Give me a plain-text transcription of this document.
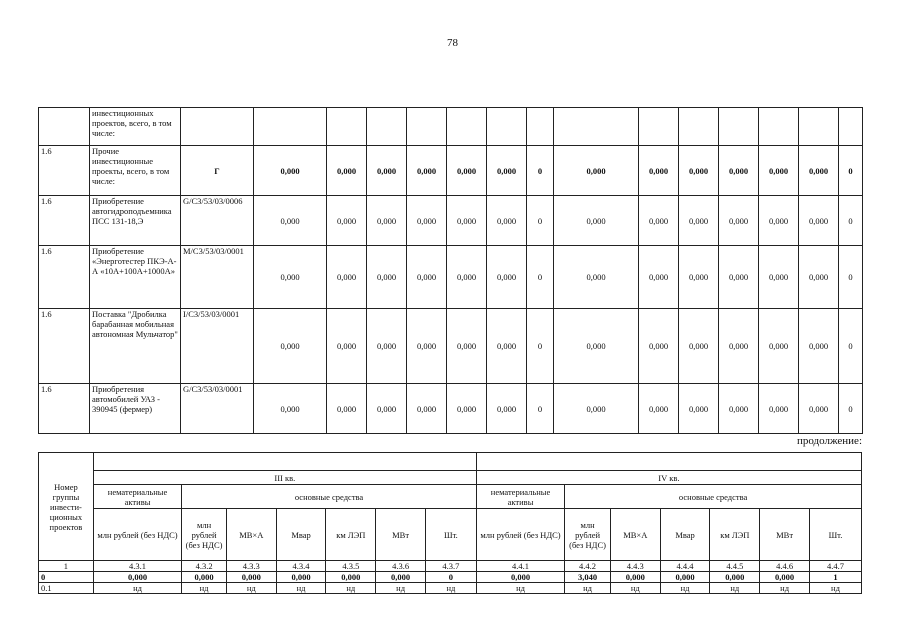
78
	инвестиционных проектов, всего, в том числе:															
1.6	Прочие инвестиционные проекты, всего, в том числе:	Г	0,000	0,000	0,000	0,000	0,000	0,000	0	0,000	0,000	0,000	0,000	0,000	0,000	0
1.6	Приобретение автогидроподъемника ПСС 131-18,Э	G/С3/53/03/0006	0,000	0,000	0,000	0,000	0,000	0,000	0	0,000	0,000	0,000	0,000	0,000	0,000	0
1.6	Приобретение «Энерготестер ПКЭ-А-А «10А+100А+1000А»	M/С3/53/03/0001	0,000	0,000	0,000	0,000	0,000	0,000	0	0,000	0,000	0,000	0,000	0,000	0,000	0
1.6	Поставка "Дробилка барабанная мобильная автономная Мульчатор"	I/С3/53/03/0001	0,000	0,000	0,000	0,000	0,000	0,000	0	0,000	0,000	0,000	0,000	0,000	0,000	0
1.6	Приобретения автомобилей УАЗ - 390945 (фермер)	G/С3/53/03/0001	0,000	0,000	0,000	0,000	0,000	0,000	0	0,000	0,000	0,000	0,000	0,000	0,000	0
продолжение:
Номер группы инвести-ционных проектов														
	III кв.							IV кв.						
	нематериальные активы	основные средства						нематериальные активы	основные средства					
	млн рублей (без НДС)	млн рублей (без НДС)	МВ×А	Мвар	км ЛЭП	МВт	Шт.	млн рублей (без НДС)	млн рублей (без НДС)	МВ×А	Мвар	км ЛЭП	МВт	Шт.
1	4.3.1	4.3.2	4.3.3	4.3.4	4.3.5	4.3.6	4.3.7	4.4.1	4.4.2	4.4.3	4.4.4	4.4.5	4.4.6	4.4.7
0	0,000	0,000	0,000	0,000	0,000	0,000	0	0,000	3,040	0,000	0,000	0,000	0,000	1
0.1	нд	нд	нд	нд	нд	нд	нд	нд	нд	нд	нд	нд	нд	нд
